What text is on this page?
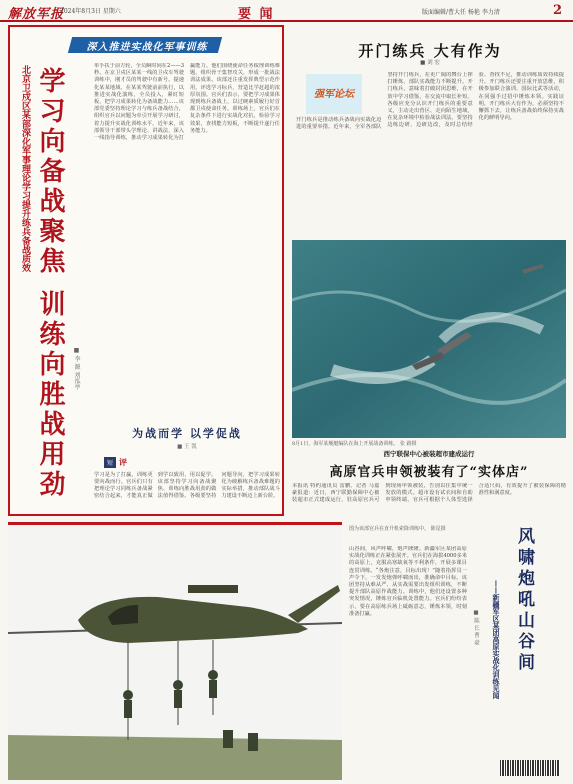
解放军报
2024年8月3日 星期六	要 闻	版面编辑/曹大任 杨艳 李力清	2
深入推进实战化军事训练
北京卫戍区某部深化军事理论学习提升练兵备战质效 学习向备战聚焦 训练向胜战用劲	■ 李 源 刘泓亭
单手扶于前方轮，全员瞬时间在2——3秒。在京卫戍区某某一线的卫戍车驾驶训练中，刚才员的驾驶中有新号。提速化某某地域、在某某驾驶前前执行，以推进实战化演练，全员投入，紧盯短板，把学习成果转化为备战能力……该部党委坚持理论学习与练兵备战结合，组织官兵以问题为牵引开展学习研讨，着力提升实战化训练水平。近年来，该部领导干部带头学理论、讲战法，深入一线指导训练，推动学习成果转化为打赢能力。他们围绕使命任务梳理训练难题，组织骨干集智攻关，形成一批战法训法成果。该部还注重发挥典型示范作用，评选学习标兵，营造比学赶超的浓厚氛围。官兵们表示，要把学习成果体现到练兵备战上，以过硬素质履行好首都卫戍使命任务。训练场上，官兵们在复杂条件下进行实战化对抗，检验学习效果，查找能力短板，不断提升遂行任务能力。
为战而学 以学促战
■ 王 凯
短 评
学习是为了打赢，训练更要向战而行。官兵们只有把理论学习同练兵备战紧密结合起来，才能真正做到学以致用、用以促学。该部坚持学习向备战聚焦、训练向胜战用劲的做法值得借鉴。各级要坚持问题导向，把学习成果转化为破解练兵备战难题的实际举措，推动部队战斗力建设不断迈上新台阶。
开门练兵 大有作为
■ 刘 宏
强军论坛
开门练兵是推动练兵备战向实战化迈进的重要举措。近年来，全军各部队坚持开门练兵，在更广阔的舞台上摔打锤炼，部队实战能力不断提升。开门练兵，意味着打破封闭思维，在开放中学习借鉴，在交流中取长补短。各级应充分认识开门练兵的重要意义，主动走出营区、走向陌生地域，在复杂环境中检验战法训法。要坚持边练边研、边研边改，及时总结经验、查找不足，推动训练质效持续提升。开门练兵还要注重开放思维，积极参加联合演训、国际比武等活动，在同强手过招中锤炼本领。实践证明，开门练兵大有作为，必须坚持不懈抓下去，让练兵备战始终保持实战化的鲜明导向。
8月1日，海军某舰艇编队在海上开展战备训练。 张 路摄
西宁联保中心被装超市建成运行
高原官兵申领被装有了“实体店”
本报讯 特约通讯员 雷鹏、记者 马嘉豪报道：近日，西宁联勤保障中心被装超市正式建成运行，驻高原官兵可到现场申领被装，告别以往集中统一发放的模式。超市设有试衣间和自助申领终端，官兵可根据个人体型选择合适尺码，有效提升了被装保障的精准性和满意度。
图为该部官兵在直升机索降训练中。 陈星摄
山谷间，风声呼啸，炮声隆隆。新疆军区某团高原实战化训练正在紧张展开。官兵们在海拔4000多米的高原上，克服高寒缺氧等不利条件，开展多课目连贯训练。“各炮注意，目标出现！”随着指挥员一声令下，一发发炮弹呼啸而出，准确命中目标。该团坚持从难从严、从实战需要出发组织训练，不断提升部队高原作战能力。训练中，他们还设置多种突发情况，锤炼官兵临机处置能力。官兵们纷纷表示，要在高原练兵场上砥砺意志，锤炼本领，时刻准备打赢。	■ 陈 长 曹 豪 风啸炮吼山谷间
——新疆军区某团高原实战化训练见闻
